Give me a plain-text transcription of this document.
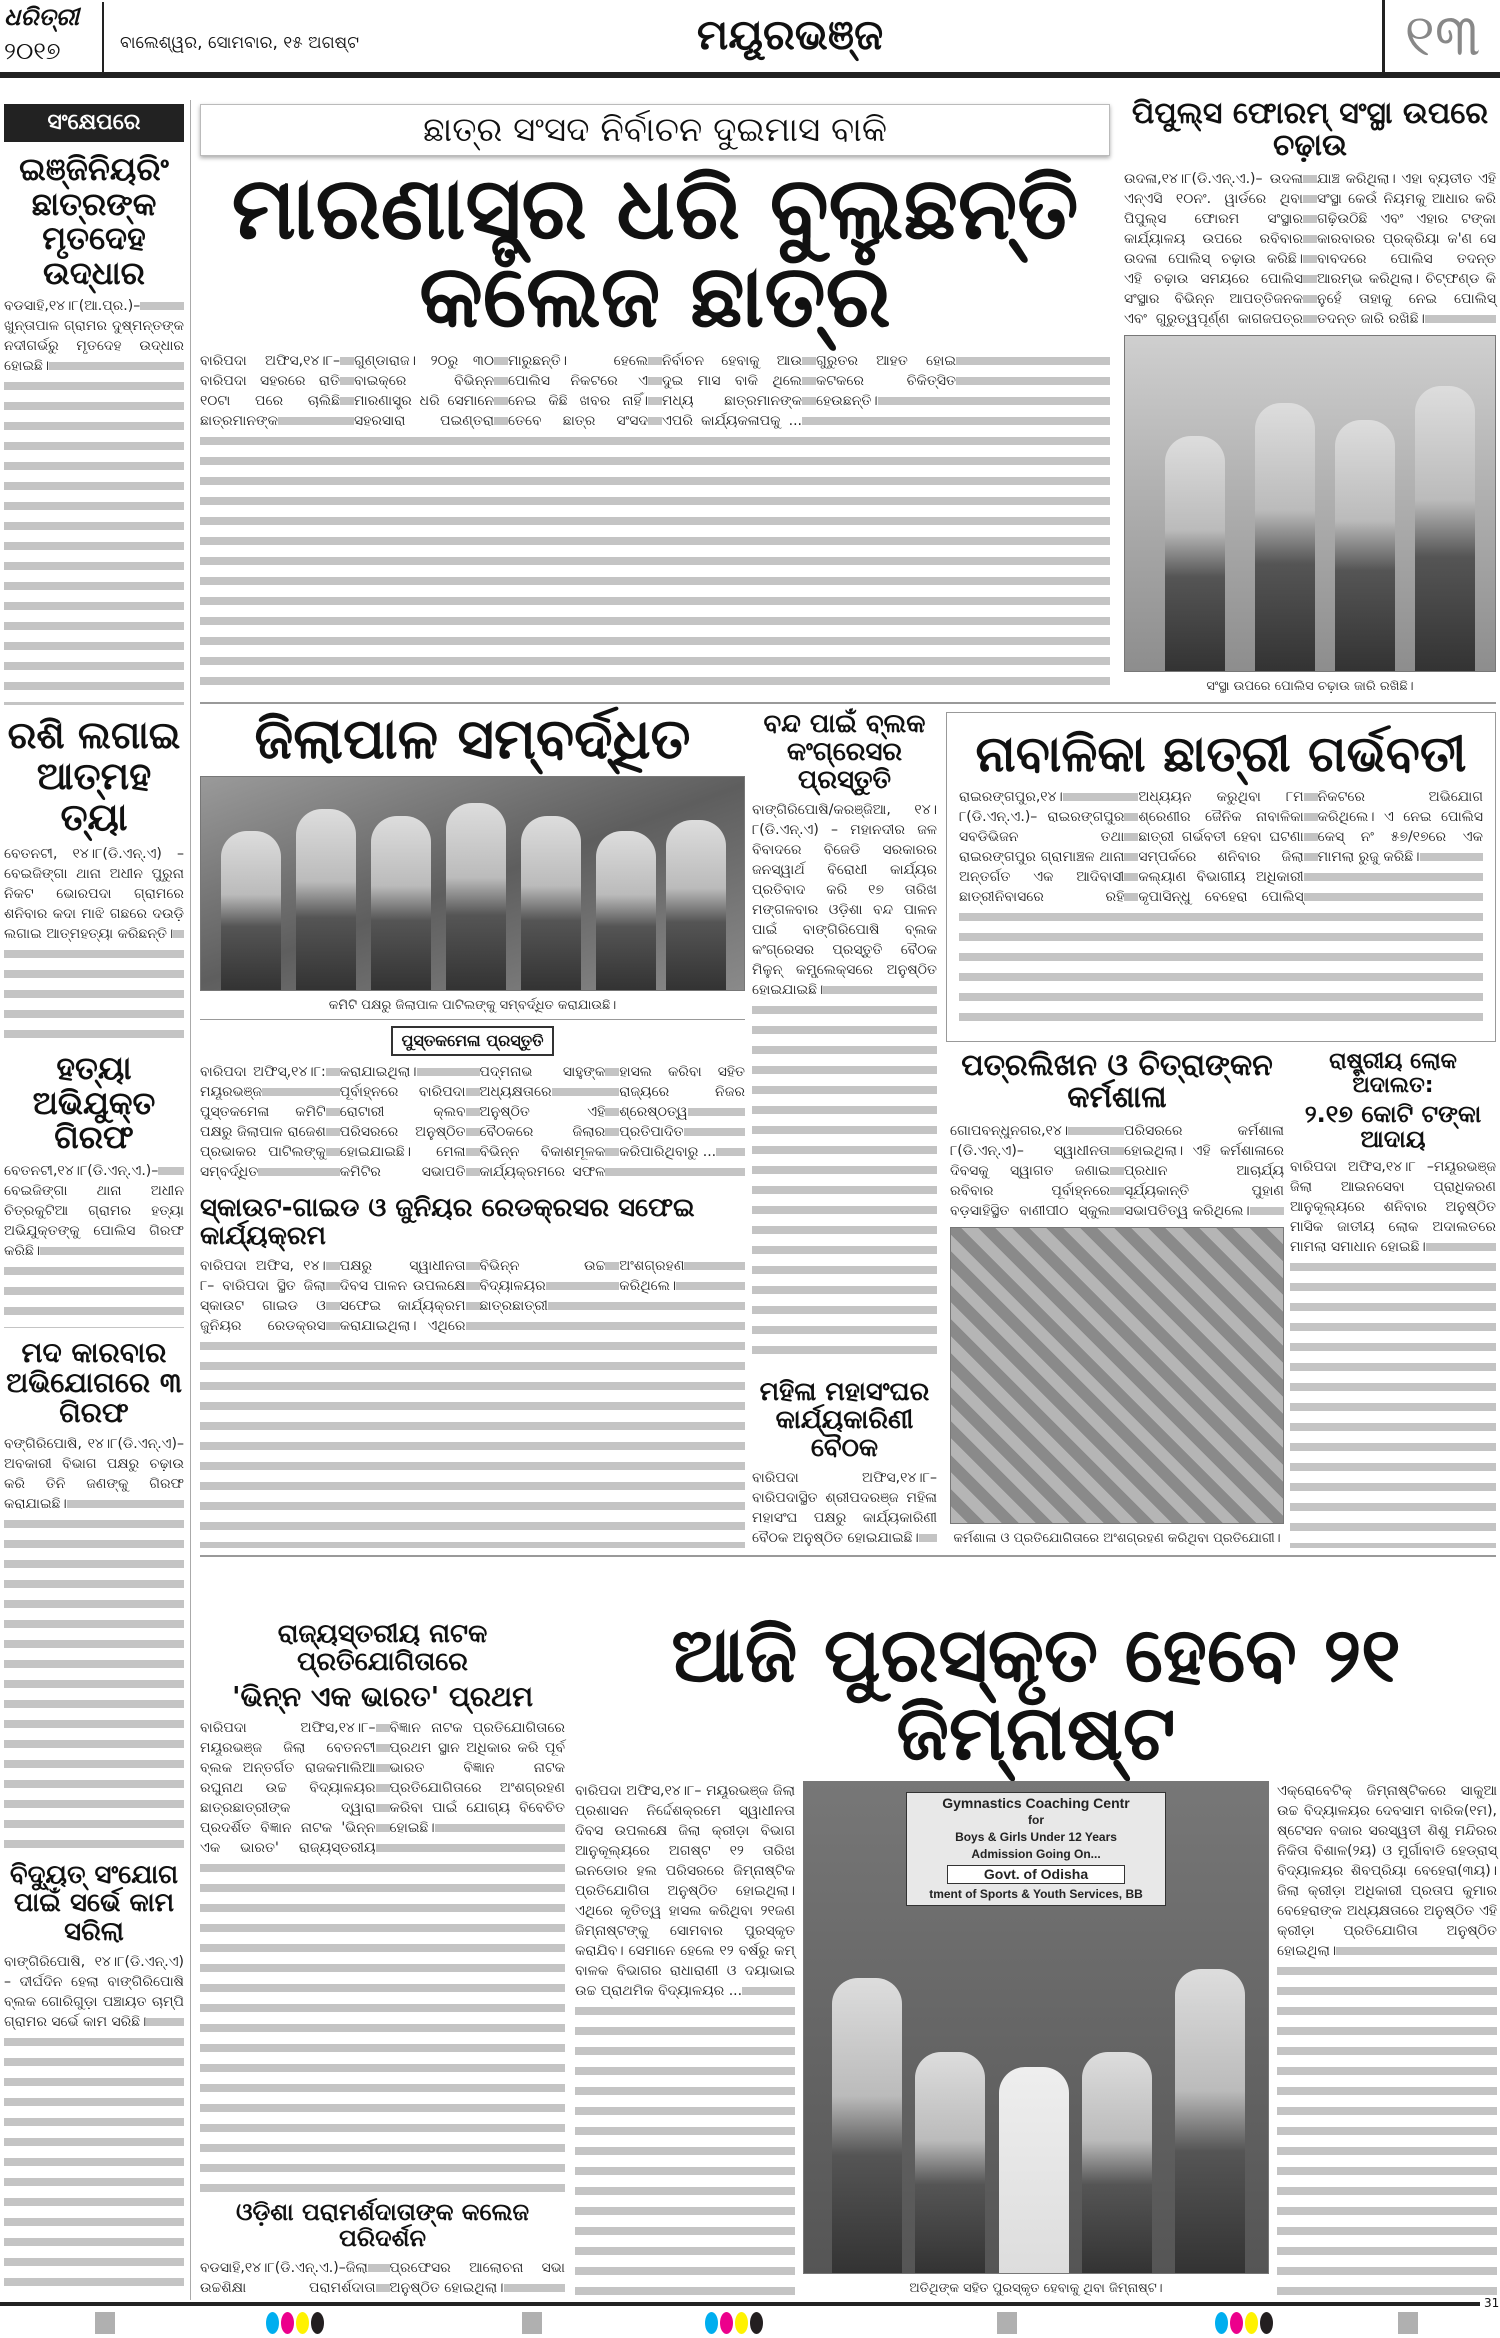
ଧରିତ୍ରୀ
୨୦୧୭	ବାଲେଶ୍ୱର, ସୋମବାର, ୧୫ ଅଗଷ୍ଟ	ମୟୂରଭଞ୍ଜ	୧୩
ସଂକ୍ଷେପରେ
ଇଞ୍ଜିନିୟରିଂ ଛାତ୍ରଙ୍କ ମୃତଦେହ ଉଦ୍ଧାର

ବଡସାହି,୧୪।୮(ଆ.ପ୍ର.)– ଖୁନ୍ତାପାଳ ଗ୍ରାମର ଦୁଷ୍ମନ୍ତଙ୍କ ନଦୀଗର୍ଭରୁ ମୃତଦେହ ଉଦ୍ଧାର ହୋଇଛି।

ରଶି ଲଗାଇ ଆତ୍ମହତ୍ୟା

ବେତନଟୀ, ୧୪।୮(ଡି.ଏନ୍.ଏ) – ବେଇଜିଙ୍ଗା ଥାନା ଅଧୀନ ପୁରୁନା ନିକଟ ଭୋରପଦା ଗ୍ରାମରେ ଶନିବାର କଦା ମାଝି ଗଛରେ ଦଉଡ଼ି ଲଗାଇ ଆତ୍ମହତ୍ୟା କରିଛନ୍ତି।

ହତ୍ୟା ଅଭିଯୁକ୍ତ ଗିରଫ

ବେତନଟୀ,୧୪।୮(ଡି.ଏନ୍.ଏ.)– ବେଇଜିଙ୍ଗା ଥାନା ଅଧୀନ ଚିତ୍ରକୁଟିଆ ଗ୍ରାମର ହତ୍ୟା ଅଭିଯୁକ୍ତଙ୍କୁ ପୋଲିସ ଗିରଫ କରିଛି।

ମଦ କାରବାର ଅଭିଯୋଗରେ ୩ ଗିରଫ

ବଙ୍ଗିରିପୋଷି, ୧୪।୮(ଡି.ଏନ୍.ଏ)– ଅବକାରୀ ବିଭାଗ ପକ୍ଷରୁ ଚଢ଼ାଉ କରି ତିନି ଜଣଙ୍କୁ ଗିରଫ କରାଯାଇଛି।

ବିଦ୍ୟୁତ୍ ସଂଯୋଗ ପାଇଁ ସର୍ଭେ କାମ ସରିଲା

ବାଙ୍ଗିରିପୋଷି, ୧୪।୮(ଡି.ଏନ୍.ଏ) – ଦୀର୍ଘଦିନ ହେଲା ବାଙ୍ଗିରିପୋଷି ବ୍ଲକ ଗୋରିଗୁଡ଼ା ପଞ୍ଚାୟତ ଚାମ୍ପି ଗ୍ରାମର ସର୍ଭେ କାମ ସରିଛି।

ଛାତ୍ର ସଂସଦ ନିର୍ବାଚନ ଦୁଇମାସ ବାକି
ମାରଣାସ୍ତ୍ର ଧରି ବୁଲୁଛନ୍ତି କଲେଜ ଛାତ୍ର

ବାରିପଦା ଅଫିସ,୧୪।୮– ବାରିପଦା ସହରରେ ରାତି ୧୦ଟା ପରେ ଚାଲିଛି ଛାତ୍ରମାନଙ୍କ ଗୁଣ୍ଡାରାଜ। ୨୦ରୁ ୩୦ ବାଇକ୍‌ରେ ବିଭିନ୍ନ ମାରଣାସ୍ତ୍ର ଧରି ସେମାନେ ସହରସାରା ପଇଣ୍ତରା ମାରୁଛନ୍ତି। ହେଲେ ପୋଲିସ ନିକଟରେ ଏ ନେଇ କିଛି ଖବର ନାହିଁ। ତେବେ ଛାତ୍ର ସଂସଦ ନିର୍ବାଚନ ହେବାକୁ ଆଉ ଦୁଇ ମାସ ବାକି ଥିଲେ ମଧ୍ୟ ଛାତ୍ରମାନଙ୍କ ଏପରି କାର୍ଯ୍ୟକଳାପକୁ ... ଗୁରୁତର ଆହତ ହୋଇ କଟକରେ ଚିକିତ୍ସିତ ହେଉଛନ୍ତି।

ପିପୁଲ୍ସ ଫୋରମ୍ ସଂସ୍ଥା ଉପରେ ଚଢ଼ାଉ

ଉଦଳା,୧୪।୮(ଡି.ଏନ୍.ଏ.)– ଉଦଳା ଏନ୍‌ଏସି ୧୦ନଂ. ୱାର୍ଡରେ ଥିବା ପିପୁଲ୍ସ ଫୋରମ ସଂସ୍ଥାର କାର୍ଯ୍ୟାଳୟ ଉପରେ ରବିବାର ଉଦଳା ପୋଲିସ୍ ଚଢ଼ାଉ କରିଛି। ଏହି ଚଢ଼ାଉ ସମୟରେ ପୋଲିସ ସଂସ୍ଥାର ବିଭିନ୍ନ ଆପତ୍ତିଜନକ ଏବଂ ଗୁରୁତ୍ୱପୂର୍ଣ୍ଣ କାଗଜପତ୍ର ଯାଞ୍ଚ କରିଥିଲା। ଏହା ବ୍ୟତୀତ ଏହି ସଂସ୍ଥା କେଉଁ ନିୟମକୁ ଆଧାର କରି ଗଢ଼ିଉଠିଛି ଏବଂ ଏହାର ଟଙ୍କା କାରବାରର ପ୍ରକ୍ରିୟା କ'ଣ ସେ ବାବଦରେ ପୋଲିସ ତଦନ୍ତ ଆରମ୍ଭ କରିଥିଲା। ଚିଟ୍‌ଫଣ୍ଡ କି ନୁହେଁ ତାହାକୁ ନେଇ ପୋଲିସ୍ ତଦନ୍ତ ଜାରି ରଖିଛି।

ସଂସ୍ଥା ଉପରେ ପୋଲିସ ଚଢ଼ାଉ ଜାରି ରଖିଛି।
ଜିଲାପାଳ ସମ୍ବର୍ଦ୍ଧିତ
କମିଟି ପକ୍ଷରୁ ଜିଲାପାଳ ପାଟିଲଙ୍କୁ ସମ୍ବର୍ଦ୍ଧିତ କରାଯାଉଛି।
ପୁସ୍ତକମେଳା ପ୍ରସ୍ତୁତି

ବାରିପଦା ଅଫିସ୍,୧୪।୮: ମୟୂରଭଞ୍ଜ ପୁସ୍ତକମେଳା କମିଟି ପକ୍ଷରୁ ଜିଲାପାଳ ରାଜେଶ ପ୍ରଭାକର ପାଟିଲଙ୍କୁ ସମ୍ବର୍ଦ୍ଧିତ କରାଯାଇଥିଲା। ପୂର୍ବାହ୍ନରେ ବାରିପଦା ରୋଟାରୀ କ୍ଲବ ପରିସରରେ ଅନୁଷ୍ଠିତ ହୋଇଯାଇଛି। ମେଳା କମିଟିର ସଭାପତି ପଦ୍ମନାଭ ସାହୁଙ୍କ ଅଧ୍ୟକ୍ଷତାରେ ଅନୁଷ୍ଠିତ ଏହି ବୈଠକରେ ଜିଲାର ବିଭିନ୍ନ ବିକାଶମୂଳକ କାର୍ଯ୍ୟକ୍ରମରେ ସଫଳ ହାସଲ କରିବା ସହିତ ରାଜ୍ୟରେ ନିଜର ଶ୍ରେଷ୍ଠତ୍ୱ ପ୍ରତିପାଦିତ କରିପାରିଥିବାରୁ ...

ସ୍କାଉଟ-ଗାଇଡ ଓ ଜୁନିୟର ରେଡକ୍ରସର ସଫେଇ କାର୍ଯ୍ୟକ୍ରମ

ବାରିପଦା ଅଫିସ, ୧୪।୮– ବାରିପଦା ସ୍ଥିତ ଜିଲା ସ୍କାଉଟ ଗାଇଡ ଓ ଜୁନିୟର ରେଡକ୍ରସ ପକ୍ଷରୁ ସ୍ୱାଧୀନତା ଦିବସ ପାଳନ ଉପଲକ୍ଷେ ସଫେଇ କାର୍ଯ୍ୟକ୍ରମ କରାଯାଇଥିଲା। ଏଥିରେ ବିଭିନ୍ନ ଉଚ୍ଚ ବିଦ୍ୟାଳୟର ଛାତ୍ରଛାତ୍ରୀ ଅଂଶଗ୍ରହଣ କରିଥିଲେ।

ବନ୍ଦ ପାଇଁ ବ୍ଲକ କଂଗ୍ରେସର ପ୍ରସ୍ତୁତି

ବାଙ୍ଗିରିପୋଷି/କରଞ୍ଜିଆ, ୧୪।୮(ଡି.ଏନ୍.ଏ) – ମହାନଦୀର ଜଳ ବିବାଦରେ ବିଜେଡି ସରକାରର ଜନସ୍ୱାର୍ଥ ବିରୋଧୀ କାର୍ଯ୍ୟର ପ୍ରତିବାଦ କରି ୧୭ ତାରିଖ ମଙ୍ଗଳବାର ଓଡ଼ିଶା ବନ୍ଦ ପାଳନ ପାଇଁ ବାଙ୍ଗିରିପୋଷି ବ୍ଲକ କଂଗ୍ରେସର ପ୍ରସ୍ତୁତି ବୈଠକ ମିଳୁନ୍ କମ୍ପ୍ଲେକ୍ସରେ ଅନୁଷ୍ଠିତ ହୋଇଯାଇଛି।

ମହିଳା ମହାସଂଘର କାର୍ଯ୍ୟକାରିଣୀ ବୈଠକ

ବାରିପଦା ଅଫିସ,୧୪।୮– ବାରିପଦାସ୍ଥିତ ଶ୍ରୀପଦରଞ୍ଜ ମହିଳା ମହାସଂଘ ପକ୍ଷରୁ କାର୍ଯ୍ୟକାରିଣୀ ବୈଠକ ଅନୁଷ୍ଠିତ ହୋଇଯାଇଛି।

ନାବାଳିକା ଛାତ୍ରୀ ଗର୍ଭବତୀ

ରାଇରଙ୍ଗପୁର,୧୪।୮(ଡି.ଏନ୍.ଏ.)– ରାଇରଙ୍ଗପୁର ସବଡିଭିଜନ ତଥା ରାଇରଙ୍ଗପୁର ଗ୍ରାମାଞ୍ଚଳ ଥାନା ଅନ୍ତର୍ଗତ ଏକ ଆଦିବାସୀ ଛାତ୍ରୀନିବାସରେ ରହି ଅଧ୍ୟୟନ କରୁଥିବା ୮ମ ଶ୍ରେଣୀର ଜୈନିକ ନାବାଳିକା ଛାତ୍ରୀ ଗର୍ଭବତୀ ହେବା ଘଟଣା ସମ୍ପର୍କରେ ଶନିବାର ଜିଲା କଲ୍ୟାଣ ବିଭାଗୀୟ ଅଧିକାରୀ କୃପାସିନ୍ଧୁ ବେହେରା ପୋଲିସ୍ ନିକଟରେ ଅଭିଯୋଗ କରିଥିଲେ। ଏ ନେଇ ପୋଲିସ କେସ୍ ନଂ ୫୭/୧୭ରେ ଏକ ମାମଲା ରୁଜୁ କରିଛି।

ପତ୍ରଲିଖନ ଓ ଚିତ୍ରାଙ୍କନ କର୍ମଶାଳା

ଗୋପବନ୍ଧୁନଗର,୧୪।୮(ଡି.ଏନ୍.ଏ)– ସ୍ୱାଧୀନତା ଦିବସକୁ ସ୍ୱାଗତ ଜଣାଇ ରବିବାର ପୂର୍ବାହ୍ନରେ ବଡ଼ସାହିସ୍ଥିତ ବାଣୀପୀଠ ସ୍କୁଲ ପରିସରରେ କର୍ମଶାଳା ହୋଇଥିଲା। ଏହି କର୍ମଶାଳାରେ ପ୍ରଧାନ ଆଚାର୍ଯ୍ୟ ସୂର୍ଯ୍ୟକାନ୍ତି ପୁହାଣ ସଭାପତିତ୍ୱ କରିଥିଲେ।

କର୍ମଶାଳା ଓ ପ୍ରତିଯୋଗିତାରେ ଅଂଶଗ୍ରହଣ କରିଥିବା ପ୍ରତିଯୋଗୀ।
ରାଷ୍ଟ୍ରୀୟ ଲୋକ ଅଦାଲତ:
୨.୧୭ କୋଟି ଟଙ୍କା ଆଦାୟ

ବାରିପଦା ଅଫିସ,୧୪।୮ –ମୟୂରଭଞ୍ଜ ଜିଲା ଆଇନସେବା ପ୍ରାଧିକରଣ ଆନୁକୂଲ୍ୟରେ ଶନିବାର ଅନୁଷ୍ଠିତ ମାସିକ ଜାତୀୟ ଲୋକ ଅଦାଲତରେ ମାମଲା ସମାଧାନ ହୋଇଛି।

ରାଜ୍ୟସ୍ତରୀୟ ନାଟକ ପ୍ରତିଯୋଗିତାରେ
'ଭିନ୍ନ ଏକ ଭାରତ' ପ୍ରଥମ

ବାରିପଦା ଅଫିସ,୧୪।୮– ମୟୂରଭଞ୍ଜ ଜିଲା ବେତନଟୀ ବ୍ଲକ ଅନ୍ତର୍ଗତ ରାଜକମାଲିଆ ରଘୁନାଥ ଉଚ୍ଚ ବିଦ୍ୟାଳୟର ଛାତ୍ରଛାତ୍ରୀଙ୍କ ଦ୍ୱାରା ପ୍ରଦର୍ଶିତ ବିଜ୍ଞାନ ନାଟକ 'ଭିନ୍ନ ଏକ ଭାରତ' ରାଜ୍ୟସ୍ତରୀୟ ବିଜ୍ଞାନ ନାଟକ ପ୍ରତିଯୋଗିତାରେ ପ୍ରଥମ ସ୍ଥାନ ଅଧିକାର କରି ପୂର୍ବ ଭାରତ ବିଜ୍ଞାନ ନାଟକ ପ୍ରତିଯୋଗିତାରେ ଅଂଶଗ୍ରହଣ କରିବା ପାଇଁ ଯୋଗ୍ୟ ବିବେଚିତ ହୋଇଛି।

ଓଡ଼ିଶା ପରାମର୍ଶଦାତାଙ୍କ କଲେଜ ପରିଦର୍ଶନ

ବଡସାହି,୧୪।୮(ଡି.ଏନ୍.ଏ.)–ଜିଲା ଉଚ୍ଚଶିକ୍ଷା ପରାମର୍ଶଦାତା ପ୍ରଫେସର ଆଲୋଚନା ସଭା ଅନୁଷ୍ଠିତ ହୋଇଥିଲା।

ଆଜି ପୁରସ୍କୃତ ହେବେ ୨୧ ଜିମ୍ନାଷ୍ଟ

ବାରିପଦା ଅଫିସ,୧୪।୮– ମୟୂରଭଞ୍ଜ ଜିଲା ପ୍ରଶାସନ ନିର୍ଦ୍ଦେଶକ୍ରମେ ସ୍ୱାଧୀନତା ଦିବସ ଉପଲକ୍ଷେ ଜିଲା କ୍ରୀଡ଼ା ବିଭାଗ ଆନୁକୂଲ୍ୟରେ ଅଗଷ୍ଟ ୧୨ ତାରିଖ ଇନଡୋର ହଲ ପରିସରରେ ଜିମ୍ନାଷ୍ଟିକ ପ୍ରତିଯୋଗିତା ଅନୁଷ୍ଠିତ ହୋଇଥିଲା। ଏଥିରେ କୃତିତ୍ୱ ହାସଲ କରିଥିବା ୨୧ଜଣ ଜିମ୍ନାଷ୍ଟଙ୍କୁ ସୋମବାର ପୁରସ୍କୃତ କରାଯିବ। ସେମାନେ ହେଲେ ୧୨ ବର୍ଷରୁ କମ୍ ବାଳକ ବିଭାଗର ରାଧାରାଣୀ ଓ ଦୟାଭାଇ ଉଚ୍ଚ ପ୍ରାଥମିକ ବିଦ୍ୟାଳୟର ...

Gymnastics Coaching Centr
for
Boys & Girls Under 12 Years
Admission Going On...
Govt. of Odisha
tment of Sports & Youth Services, BB
ଅତିଥିଙ୍କ ସହିତ ପୁରସ୍କୃତ ହେବାକୁ ଥିବା ଜିମ୍ନାଷ୍ଟ।

ଏକ୍ରୋବେଟିକ୍ ଜିମ୍ନାଷ୍ଟିକରେ ସାକୁଆ ଉଚ୍ଚ ବିଦ୍ୟାଳୟର ଦେବସାମ ବାରିକ(୧ମ), ଷ୍ଟେସନ ବଜାର ସରସ୍ୱତୀ ଶିଶୁ ମନ୍ଦିରର ନିକିତା ବିଶାଳ(୨ୟ) ଓ ମୁର୍ଗାବାଡି ହେଡ୍ରାସ୍ ବିଦ୍ୟାଳୟର ଶିବପ୍ରିୟା ବେହେରା(୩ୟ)। ଜିଲା କ୍ରୀଡ଼ା ଅଧିକାରୀ ପ୍ରତାପ କୁମାର ବେହେରାଙ୍କ ଅଧ୍ୟକ୍ଷତାରେ ଅନୁଷ୍ଠିତ ଏହି କ୍ରୀଡ଼ା ପ୍ରତିଯୋଗିତା ଅନୁଷ୍ଠିତ ହୋଇଥିଲା।

31
